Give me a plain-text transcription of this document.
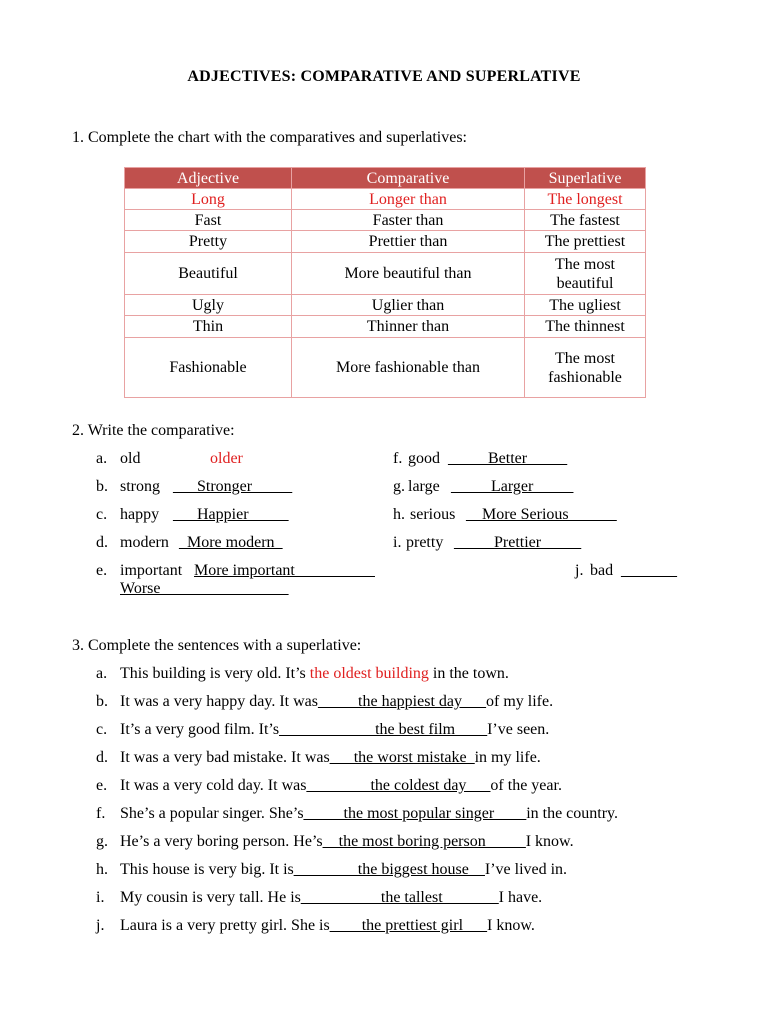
ADJECTIVES: COMPARATIVE AND SUPERLATIVE
1. Complete the chart with the comparatives and superlatives:
Adjective	Comparative	Superlative
Long	Longer than	The longest
Fast	Faster than	The fastest
Pretty	Prettier than	The prettiest
Beautiful	More beautiful than	The most beautiful
Ugly	Uglier than	The ugliest
Thin	Thinner than	The thinnest
Fashionable	More fashionable than	The most fashionable
2. Write the comparative:
a. old	older
b. strong ___Stronger_____
c. happy ___Happier_____
d. modern _More modern_
e. important More important__________
Worse________________
f. good _____Better_____
g. large _____Larger_____
h. serious __More Serious______
i. pretty _____Prettier_____
j. bad _______
3. Complete the sentences with a superlative:
a. This building is very old. It’s the oldest building in the town.
b. It was a very happy day. It was_____the happiest day___of my life.
c. It’s a very good film. It’s____________the best film____I’ve seen.
d. It was a very bad mistake. It was___the worst mistake_in my life.
e. It was a very cold day. It was________the coldest day___of the year.
f. She’s a popular singer. She’s_____the most popular singer____in the country.
g. He’s a very boring person. He’s__the most boring person_____I know.
h. This house is very big. It is________the biggest house__I’ve lived in.
i. My cousin is very tall. He is__________the tallest_______I have.
j. Laura is a very pretty girl. She is____the prettiest girl___I know.
